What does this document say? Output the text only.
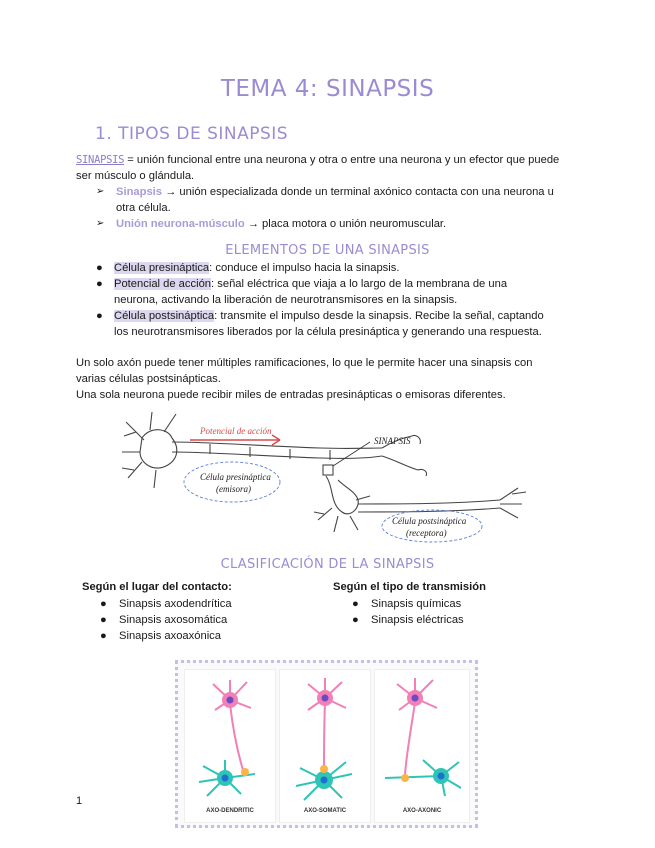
TEMA 4: SINAPSIS
1. TIPOS DE SINAPSIS
SINAPSIS = unión funcional entre una neurona y otra o entre una neurona y un efector que puede
ser músculo o glándula.
➢ Sinapsis → unión especializada donde un terminal axónico contacta con una neurona u
otra célula.
➢ Unión neurona-músculo → placa motora o unión neuromuscular.
ELEMENTOS DE UNA SINAPSIS
● Célula presináptica: conduce el impulso hacia la sinapsis.
● Potencial de acción: señal eléctrica que viaja a lo largo de la membrana de una
neurona, activando la liberación de neurotransmisores en la sinapsis.
● Célula postsináptica: transmite el impulso desde la sinapsis. Recibe la señal, captando
los neurotransmisores liberados por la célula presináptica y generando una respuesta.
Un solo axón puede tener múltiples ramificaciones, lo que le permite hacer una sinapsis con
varias células postsinápticas.
Una sola neurona puede recibir miles de entradas presinápticas o emisoras diferentes.
Potencial de acción
SINAPSIS
Célula presináptica
(emisora)
Célula postsináptica
(receptora)
CLASIFICACIÓN DE LA SINAPSIS
Según el lugar del contacto:
● Sinapsis axodendrítica
● Sinapsis axosomática
● Sinapsis axoaxónica
Según el tipo de transmisión
● Sinapsis químicas
● Sinapsis eléctricas
AXO-DENDRITIC	AXO-SOMATIC	AXO-AXONIC
1
